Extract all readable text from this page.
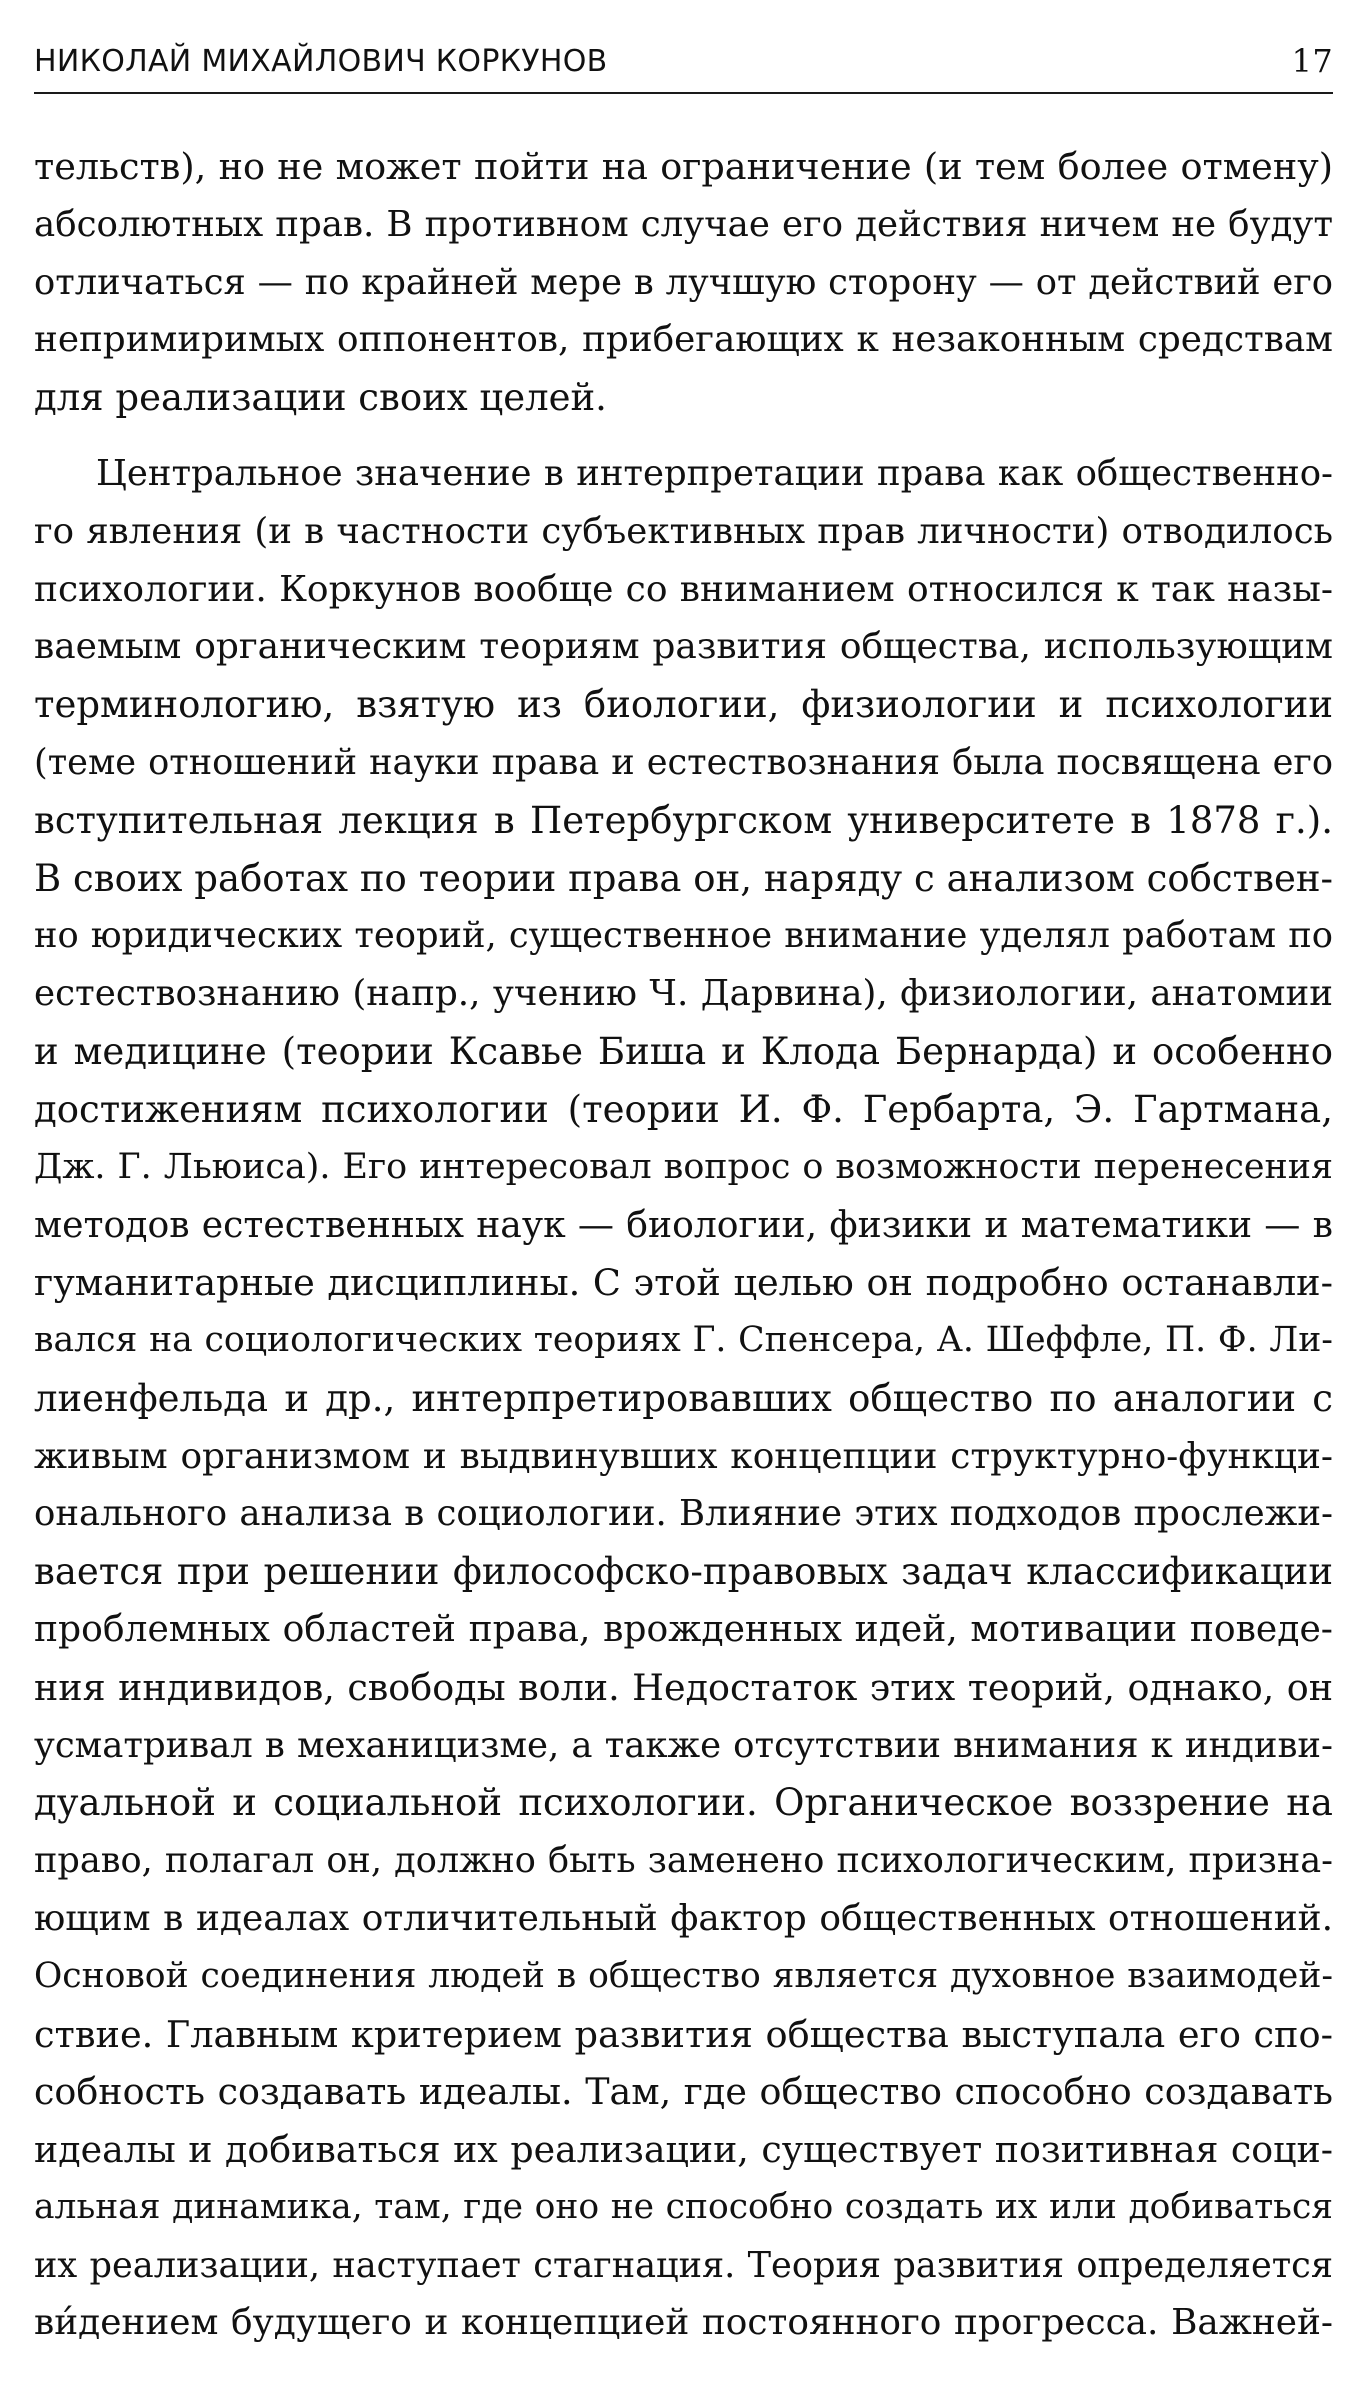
НИКОЛАЙ МИХАЙЛОВИЧ КОРКУНОВ	17
тельств), но не может пойти на ограничение (и тем более отмену)
абсолютных прав. В противном случае его действия ничем не будут
отличаться — по крайней мере в лучшую сторону — от действий его
непримиримых оппонентов, прибегающих к незаконным средствам
для реализации своих целей.
Центральное значение в интерпретации права как общественно-
го явления (и в частности субъективных прав личности) отводилось
психологии. Коркунов вообще со вниманием относился к так назы-
ваемым органическим теориям развития общества, использующим
терминологию, взятую из биологии, физиологии и психологии
(теме отношений науки права и естествознания была посвящена его
вступительная лекция в Петербургском университете в 1878 г.).
В своих работах по теории права он, наряду с анализом собствен-
но юридических теорий, существенное внимание уделял работам по
естествознанию (напр., учению Ч. Дарвина), физиологии, анатомии
и медицине (теории Ксавье Биша и Клода Бернарда) и особенно
достижениям психологии (теории И. Ф. Гербарта, Э. Гартмана,
Дж. Г. Льюиса). Его интересовал вопрос о возможности перенесения
методов естественных наук — биологии, физики и математики — в
гуманитарные дисциплины. С этой целью он подробно останавли-
вался на социологических теориях Г. Спенсера, А. Шеффле, П. Ф. Ли-
лиенфельда и др., интерпретировавших общество по аналогии с
живым организмом и выдвинувших концепции структурно-функци-
онального анализа в социологии. Влияние этих подходов прослежи-
вается при решении философско-правовых задач классификации
проблемных областей права, врожденных идей, мотивации поведе-
ния индивидов, свободы воли. Недостаток этих теорий, однако, он
усматривал в механицизме, а также отсутствии внимания к индиви-
дуальной и социальной психологии. Органическое воззрение на
право, полагал он, должно быть заменено психологическим, призна-
ющим в идеалах отличительный фактор общественных отношений.
Основой соединения людей в общество является духовное взаимодей-
ствие. Главным критерием развития общества выступала его спо-
собность создавать идеалы. Там, где общество способно создавать
идеалы и добиваться их реализации, существует позитивная соци-
альная динамика, там, где оно не способно создать их или добиваться
их реализации, наступает стагнация. Теория развития определяется
ви́дением будущего и концепцией постоянного прогресса. Важней-
